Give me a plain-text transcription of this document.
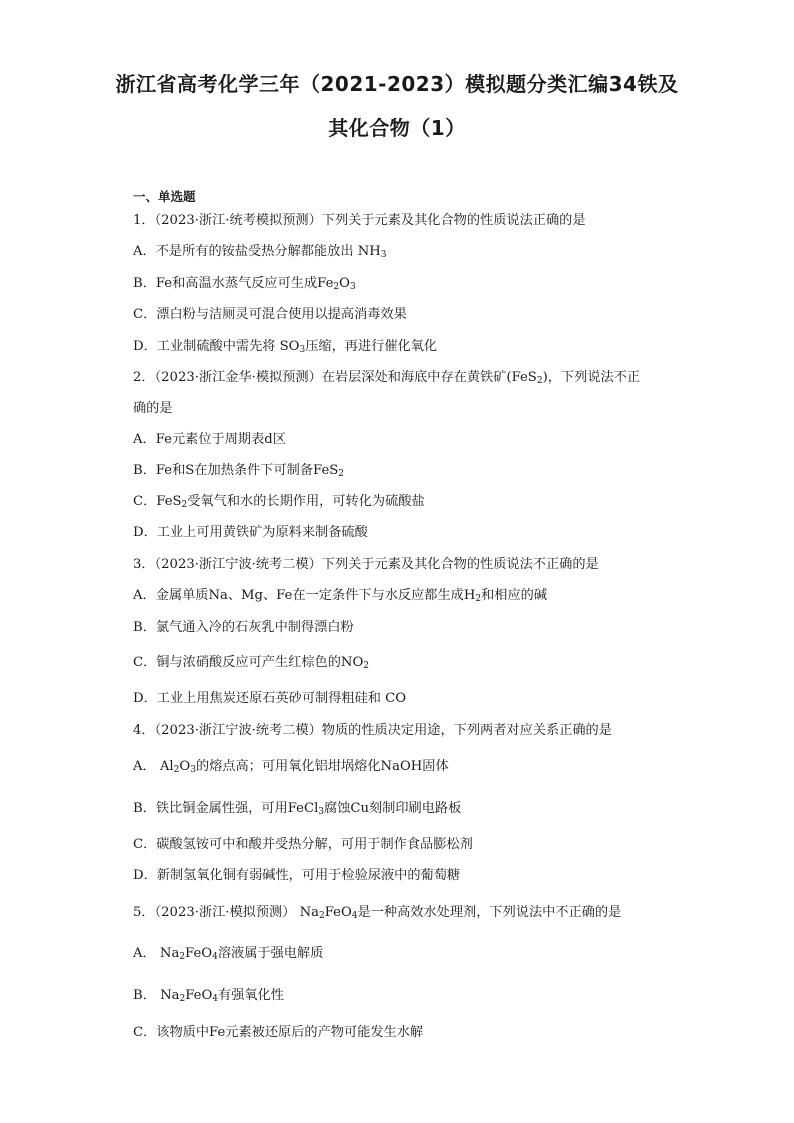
浙江省高考化学三年（2021-2023）模拟题分类汇编34铁及
其化合物（1）
一、单选题
1．（2023·浙江·统考模拟预测）下列关于元素及其化合物的性质说法正确的是
A．不是所有的铵盐受热分解都能放出 $NH_3$
B．Fe和高温水蒸气反应可生成$Fe_2O_3$
C．漂白粉与洁厕灵可混合使用以提高消毒效果
D．工业制硫酸中需先将 $SO_3$压缩，再进行催化氧化
2．（2023·浙江金华·模拟预测）在岩层深处和海底中存在黄铁矿(FeS$_2$)，下列说法不正
确的是
A．Fe元素位于周期表d区
B．Fe和S在加热条件下可制备FeS$_2$
C．FeS$_2$受氧气和水的长期作用，可转化为硫酸盐
D．工业上可用黄铁矿为原料来制备硫酸
3．（2023·浙江宁波·统考二模）下列关于元素及其化合物的性质说法不正确的是
A．金属单质Na、Mg、Fe在一定条件下与水反应都生成$H_2$和相应的碱
B．氯气通入冷的石灰乳中制得漂白粉
C．铜与浓硝酸反应可产生红棕色的$NO_2$
D．工业上用焦炭还原石英砂可制得粗硅和 CO
4．（2023·浙江宁波·统考二模）物质的性质决定用途，下列两者对应关系正确的是
A． $Al_2O_3$的熔点高；可用氧化铝坩埚熔化NaOH固体
B．铁比铜金属性强，可用FeCl$_3$腐蚀Cu刻制印刷电路板
C．碳酸氢铵可中和酸并受热分解，可用于制作食品膨松剂
D．新制氢氧化铜有弱碱性，可用于检验尿液中的葡萄糖
5．（2023·浙江·模拟预测） $Na_2FeO_4$是一种高效水处理剂，下列说法中不正确的是
A． $Na_2FeO_4$溶液属于强电解质
B． $Na_2FeO_4$有强氧化性
C．该物质中Fe元素被还原后的产物可能发生水解
